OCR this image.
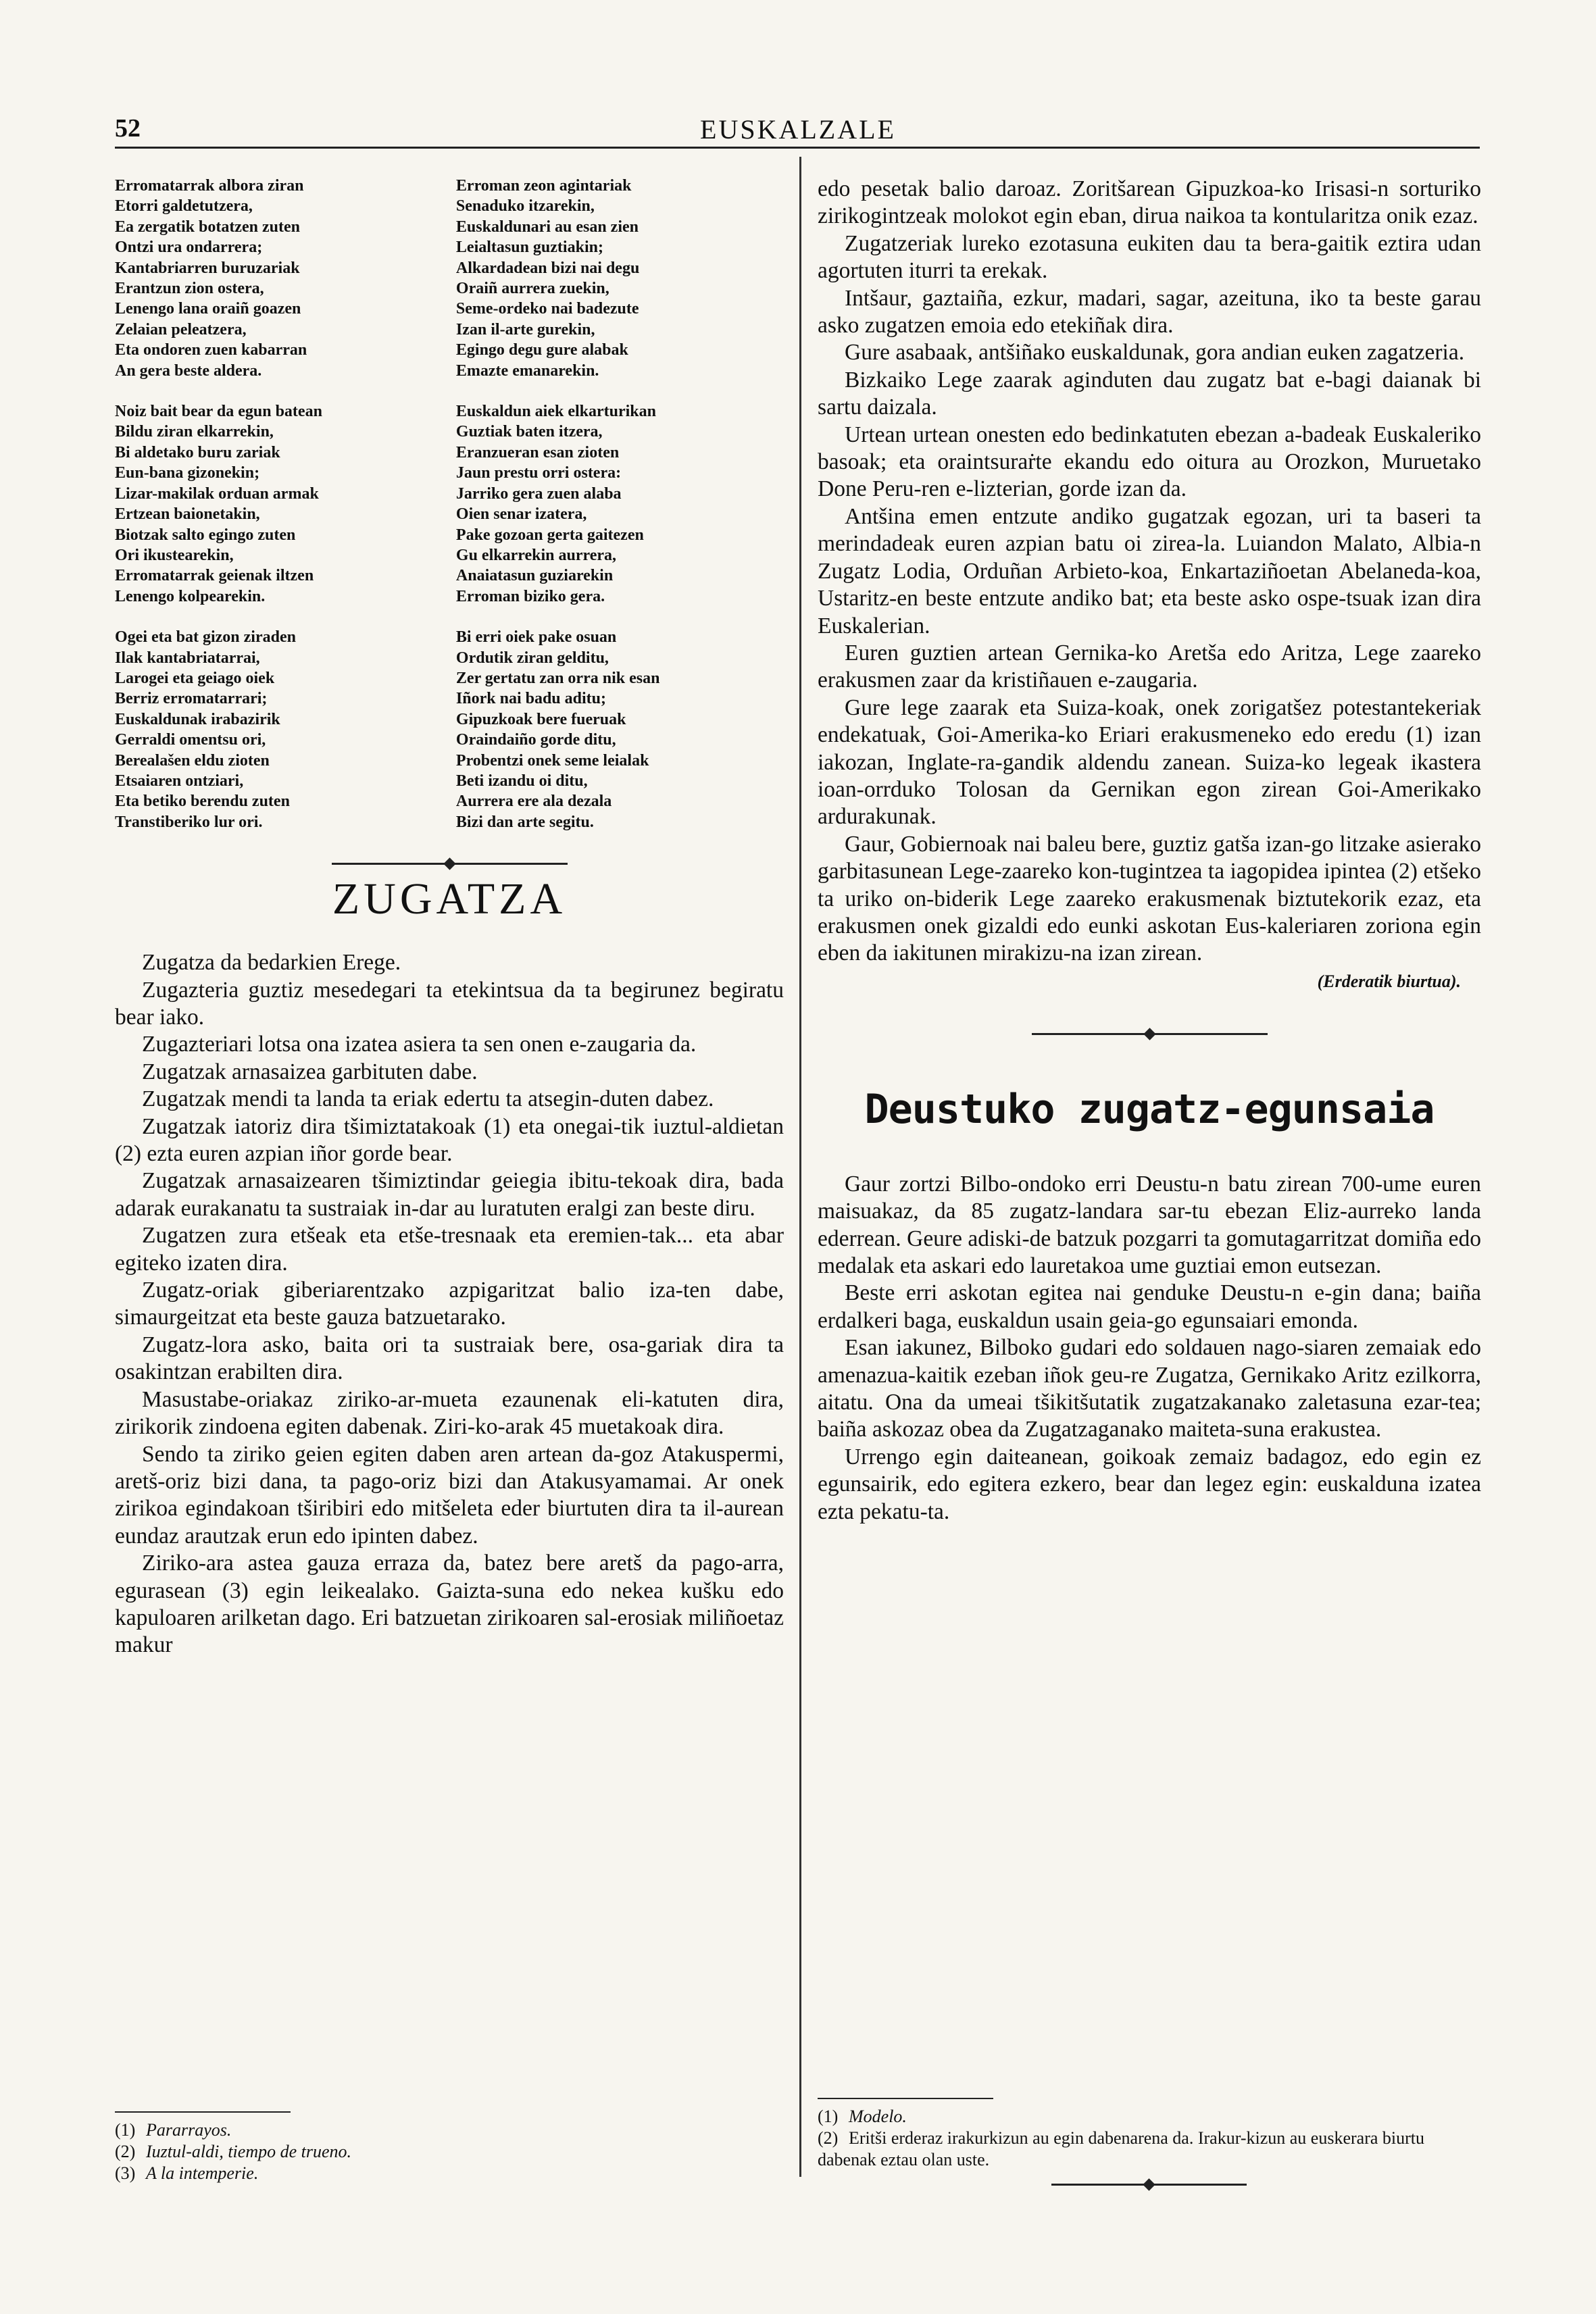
52	EUSKALZALE
Erromatarrak albora ziran
Etorri galdetutzera,
Ea zergatik botatzen zuten
Ontzi ura ondarrera;
Kantabriarren buruzariak
Erantzun zion ostera,
Lenengo lana oraiñ goazen
Zelaian peleatzera,
Eta ondoren zuen kabarran
An gera beste aldera.
Erroman zeon agintariak
Senaduko itzarekin,
Euskaldunari au esan zien
Leialtasun guztiakin;
Alkardadean bizi nai degu
Oraiñ aurrera zuekin,
Seme-ordeko nai badezute
Izan il-arte gurekin,
Egingo degu gure alabak
Emazte emanarekin.
Noiz bait bear da egun batean
Bildu ziran elkarrekin,
Bi aldetako buru zariak
Eun-bana gizonekin;
Lizar-makilak orduan armak
Ertzean baionetakin,
Biotzak salto egingo zuten
Ori ikustearekin,
Erromatarrak geienak iltzen
Lenengo kolpearekin.
Euskaldun aiek elkarturikan
Guztiak baten itzera,
Eranzueran esan zioten
Jaun prestu orri ostera:
Jarriko gera zuen alaba
Oien senar izatera,
Pake gozoan gerta gaitezen
Gu elkarrekin aurrera,
Anaiatasun guziarekin
Erroman biziko gera.
Ogei eta bat gizon ziraden
Ilak kantabriatarrai,
Larogei eta geiago oiek
Berriz erromatarrari;
Euskaldunak irabazirik
Gerraldi omentsu ori,
Berealašen eldu zioten
Etsaiaren ontziari,
Eta betiko berendu zuten
Transtiberiko lur ori.
Bi erri oiek pake osuan
Ordutik ziran gelditu,
Zer gertatu zan orra nik esan
Iñork nai badu aditu;
Gipuzkoak bere fueruak
Oraindaiño gorde ditu,
Probentzi onek seme leialak
Beti izandu oi ditu,
Aurrera ere ala dezala
Bizi dan arte segitu.
ZUGATZA

Zugatza da bedarkien Erege.

Zugazteria guztiz mesedegari ta etekintsua da ta begirunez begiratu bear iako.

Zugazteriari lotsa ona izatea asiera ta sen onen e-zaugaria da.

Zugatzak arnasaizea garbituten dabe.

Zugatzak mendi ta landa ta eriak edertu ta atsegin-duten dabez.

Zugatzak iatoriz dira tšimiztatakoak (1) eta onegai-tik iuztul-aldietan (2) ezta euren azpian iñor gorde bear.

Zugatzak arnasaizearen tšimiztindar geiegia ibitu-tekoak dira, bada adarak eurakanatu ta sustraiak in-dar au luratuten eralgi zan beste diru.

Zugatzen zura etšeak eta etše-tresnaak eta eremien-tak... eta abar egiteko izaten dira.

Zugatz-oriak giberiarentzako azpigaritzat balio iza-ten dabe, simaurgeitzat eta beste gauza batzuetarako.

Zugatz-lora asko, baita ori ta sustraiak bere, osa-gariak dira ta osakintzan erabilten dira.

Masustabe-oriakaz ziriko-ar-mueta ezaunenak eli-katuten dira, zirikorik zindoena egiten dabenak. Ziri-ko-arak 45 muetakoak dira.

Sendo ta ziriko geien egiten daben aren artean da-goz Atakuspermi, aretš-oriz bizi dana, ta pago-oriz bizi dan Atakusyamamai. Ar onek zirikoa egindakoan tširibiri edo mitšeleta eder biurtuten dira ta il-aurean eundaz arautzak erun edo ipinten dabez.

Ziriko-ara astea gauza erraza da, batez bere aretš da pago-arra, egurasean (3) egin leikealako. Gaizta-suna edo nekea kušku edo kapuloaren arilketan dago. Eri batzuetan zirikoaren sal-erosiak miliñoetaz makur

edo pesetak balio daroaz. Zoritšarean Gipuzkoa-ko Irisasi-n sorturiko zirikogintzeak molokot egin eban, dirua naikoa ta kontularitza onik ezaz.

Zugatzeriak lureko ezotasuna eukiten dau ta bera-gaitik eztira udan agortuten iturri ta erekak.

Intšaur, gaztaiña, ezkur, madari, sagar, azeituna, iko ta beste garau asko zugatzen emoia edo etekiñak dira.

Gure asabaak, antšiñako euskaldunak, gora andian euken zagatzeria.

Bizkaiko Lege zaarak aginduten dau zugatz bat e-bagi daianak bi sartu daizala.

Urtean urtean onesten edo bedinkatuten ebezan a-badeak Euskaleriko basoak; eta oraintsuraṙte ekandu edo oitura au Orozkon, Muruetako Done Peru-ren e-lizterian, gorde izan da.

Antšina emen entzute andiko gugatzak egozan, uri ta baseri ta merindadeak euren azpian batu oi zirea-la. Luiandon Malato, Albia-n Zugatz Lodia, Orduñan Arbieto-koa, Enkartaziñoetan Abelaneda-koa, Ustaritz-en beste entzute andiko bat; eta beste asko ospe-tsuak izan dira Euskalerian.

Euren guztien artean Gernika-ko Aretša edo Aritza, Lege zaareko erakusmen zaar da kristiñauen e-zaugaria.

Gure lege zaarak eta Suiza-koak, onek zorigatšez potestantekeriak endekatuak, Goi-Amerika-ko Eriari erakusmeneko edo eredu (1) izan iakozan, Inglate-ra-gandik aldendu zanean. Suiza-ko legeak ikastera ioan-orrduko Tolosan da Gernikan egon zirean Goi-Amerikako ardurakunak.

Gaur, Gobiernoak nai baleu bere, guztiz gatša izan-go litzake asierako garbitasunean Lege-zaareko kon-tugintzea ta iagopidea ipintea (2) etšeko ta uriko on-biderik Lege zaareko erakusmenak biztutekorik ezaz, eta erakusmen onek gizaldi edo eunki askotan Eus-kaleriaren zoriona egin eben da iakitunen mirakizu-na izan zirean.

(Erderatik biurtua).
Deustuko zugatz-egunsaia

Gaur zortzi Bilbo-ondoko erri Deustu-n batu zirean 700-ume euren maisuakaz, da 85 zugatz-landara sar-tu ebezan Eliz-aurreko landa ederrean. Geure adiski-de batzuk pozgarri ta gomutagarritzat domiña edo medalak eta askari edo lauretakoa ume guztiai emon eutsezan.

Beste erri askotan egitea nai genduke Deustu-n e-gin dana; baiña erdalkeri baga, euskaldun usain geia-go egunsaiari emonda.

Esan iakunez, Bilboko gudari edo soldauen nago-siaren zemaiak edo amenazua-kaitik ezeban iñok geu-re Zugatza, Gernikako Aritz ezilkorra, aitatu. Ona da umeai tšikitšutatik zugatzakanako zaletasuna ezar-tea; baiña askozaz obea da Zugatzaganako maiteta-suna erakustea.

Urrengo egin daiteanean, goikoak zemaiz badagoz, edo egin ez egunsairik, edo egitera ezkero, bear dan legez egin: euskalduna izatea ezta pekatu-ta.

(1) Pararrayos.

(2) Iuztul-aldi, tiempo de trueno.

(3) A la intemperie.

(1) Modelo.

(2) Eritši erderaz irakurkizun au egin dabenarena da. Irakur-kizun au euskerara biurtu dabenak eztau olan uste.
